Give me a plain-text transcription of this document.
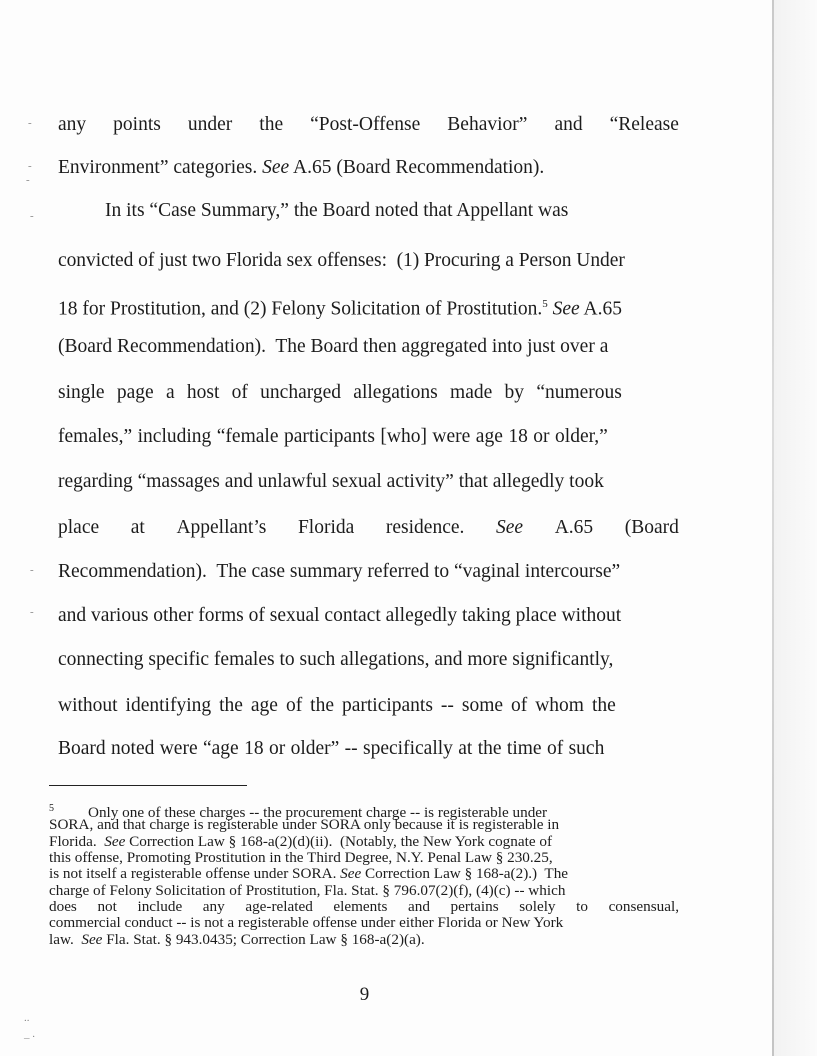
-
-
-
-
-
-
..
_ .
any points under the “Post-Offense Behavior” and “Release
Environment” categories. See A.65 (Board Recommendation).
In its “Case Summary,” the Board noted that Appellant was
convicted of just two Florida sex offenses:  (1) Procuring a Person Under
18 for Prostitution, and (2) Felony Solicitation of Prostitution.$^5$ See A.65
(Board Recommendation).  The Board then aggregated into just over a
single page a host of uncharged allegations made by “numerous
females,” including “female participants [who] were age 18 or older,”
regarding “massages and unlawful sexual activity” that allegedly took
place at Appellant’s Florida residence. See A.65 (Board
Recommendation).  The case summary referred to “vaginal intercourse”
and various other forms of sexual contact allegedly taking place without
connecting specific females to such allegations, and more significantly,
without identifying the age of the participants -- some of whom the
Board noted were “age 18 or older” -- specifically at the time of such
$^5$ Only one of these charges -- the procurement charge -- is registerable under
SORA, and that charge is registerable under SORA only because it is registerable in
Florida. See Correction Law § 168-a(2)(d)(ii).  (Notably, the New York cognate of
this offense, Promoting Prostitution in the Third Degree, N.Y. Penal Law § 230.25,
is not itself a registerable offense under SORA. See Correction Law § 168-a(2).)  The
charge of Felony Solicitation of Prostitution, Fla. Stat. § 796.07(2)(f), (4)(c) -- which
does not include any age-related elements and pertains solely to consensual,
commercial conduct -- is not a registerable offense under either Florida or New York
law. See Fla. Stat. § 943.0435; Correction Law § 168-a(2)(a).
9
